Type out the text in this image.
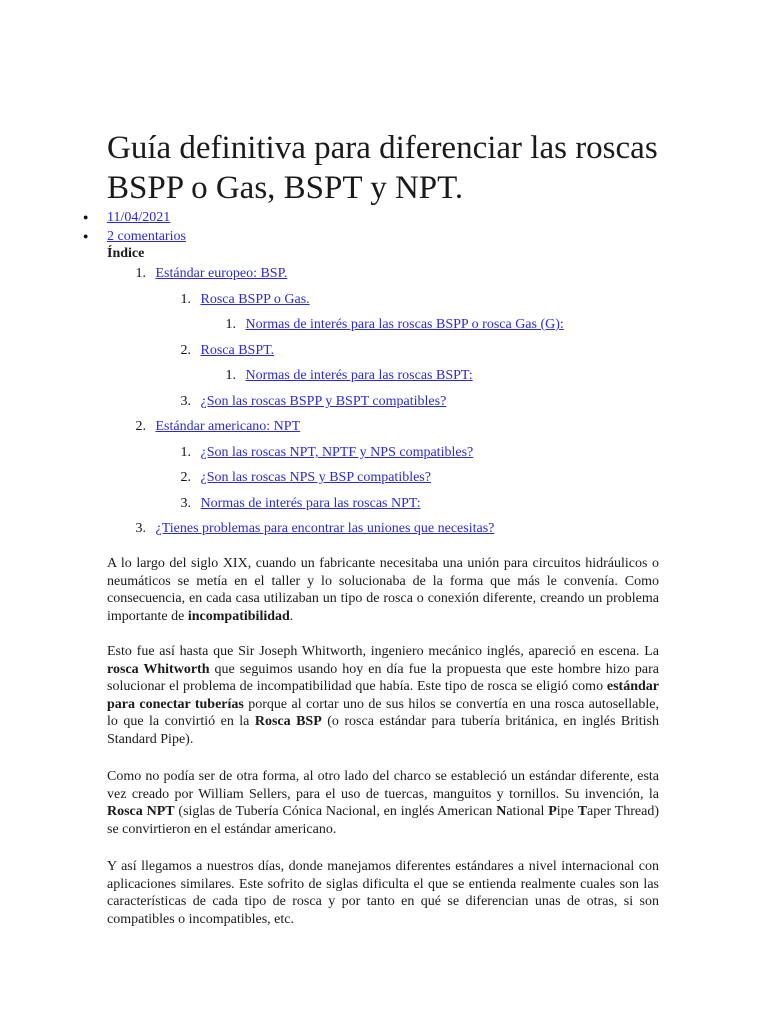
Guía definitiva para diferenciar las roscas BSPP o Gas, BSPT y NPT.
● 11/04/2021
● 2 comentarios
Índice
1. Estándar europeo: BSP.
1. Rosca BSPP o Gas.
1. Normas de interés para las roscas BSPP o rosca Gas (G):
2. Rosca BSPT.
1. Normas de interés para las roscas BSPT:
3. ¿Son las roscas BSPP y BSPT compatibles?
2. Estándar americano: NPT
1. ¿Son las roscas NPT, NPTF y NPS compatibles?
2. ¿Son las roscas NPS y BSP compatibles?
3. Normas de interés para las roscas NPT:
3. ¿Tienes problemas para encontrar las uniones que necesitas?

A lo largo del siglo XIX, cuando un fabricante necesitaba una unión para circuitos hidráulicos o neumáticos se metía en el taller y lo solucionaba de la forma que más le convenía. Como consecuencia, en cada casa utilizaban un tipo de rosca o conexión diferente, creando un problema importante de incompatibilidad.

Esto fue así hasta que Sir Joseph Whitworth, ingeniero mecánico inglés, apareció en escena. La rosca Whitworth que seguimos usando hoy en día fue la propuesta que este hombre hizo para solucionar el problema de incompatibilidad que había. Este tipo de rosca se eligió como estándar para conectar tuberías porque al cortar uno de sus hilos se convertía en una rosca autosellable, lo que la convirtió en la Rosca BSP (o rosca estándar para tubería británica, en inglés British Standard Pipe).

Como no podía ser de otra forma, al otro lado del charco se estableció un estándar diferente, esta vez creado por William Sellers, para el uso de tuercas, manguitos y tornillos. Su invención, la Rosca NPT (siglas de Tubería Cónica Nacional, en inglés American National Pipe Taper Thread) se convirtieron en el estándar americano.

Y así llegamos a nuestros días, donde manejamos diferentes estándares a nivel internacional con aplicaciones similares. Este sofrito de siglas dificulta el que se entienda realmente cuales son las características de cada tipo de rosca y por tanto en qué se diferencian unas de otras, si son compatibles o incompatibles, etc.
